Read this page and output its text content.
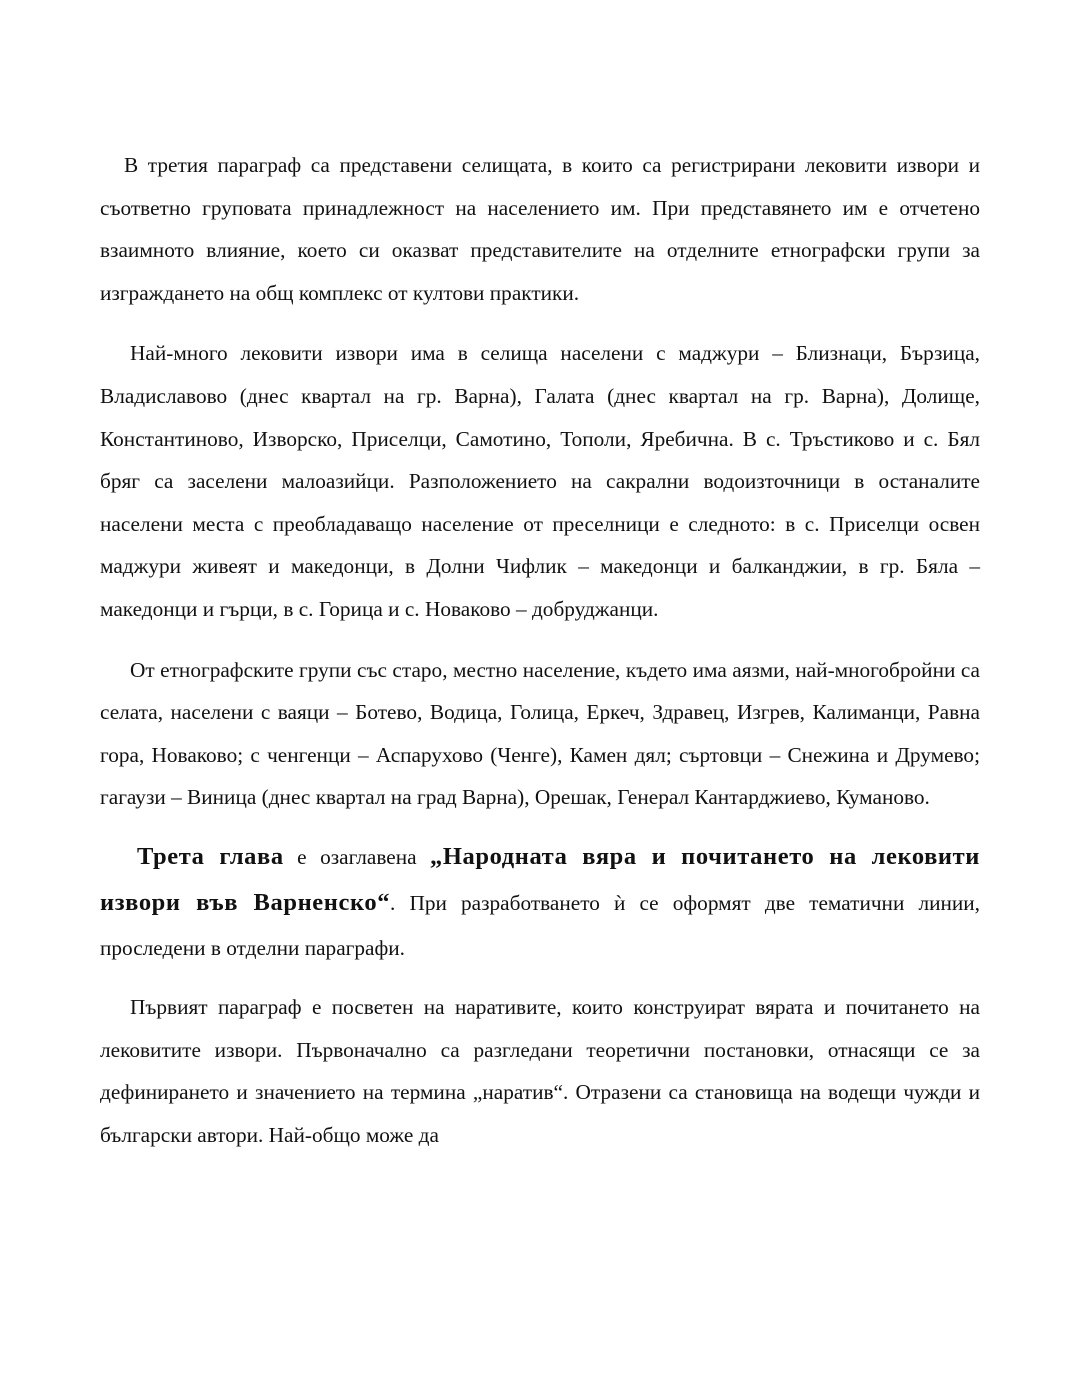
В третия параграф са представени селищата, в които са регистрирани лековити извори и съответно груповата принадлежност на населението им. При представянето им е отчетено взаимното влияние, което си оказват представителите на отделните етнографски групи за изграждането на общ комплекс от култови практики.

Най-много лековити извори има в селища населени с маджури – Близнаци, Бързица, Владиславово (днес квартал на гр. Варна), Галата (днес квартал на гр. Варна), Долище, Константиново, Изворско, Приселци, Самотино, Тополи, Яребична. В с. Тръстиково и с. Бял бряг са заселени малоазийци. Разположението на сакрални водоизточници в останалите населени места с преобладаващо население от преселници е следното: в с. Приселци освен маджури живеят и македонци, в Долни Чифлик – македонци и балканджии, в гр. Бяла – македонци и гърци, в с. Горица и с. Новаково – добруджанци.

От етнографските групи със старо, местно население, където има аязми, най-многобройни са селата, населени с ваяци – Ботево, Водица, Голица, Еркеч, Здравец, Изгрев, Калиманци, Равна гора, Новаково; с ченгенци – Аспарухово (Ченге), Камен дял; съртовци – Снежина и Друмево; гагаузи – Виница (днес квартал на град Варна), Орешак, Генерал Кантарджиево, Куманово.

Трета глава е озаглавена „Народната вяра и почитането на лековити извори във Варненско“. При разработването ѝ се оформят две тематични линии, проследени в отделни параграфи.

Първият параграф е посветен на наративите, които конструират вярата и почитането на лековитите извори. Първоначално са разгледани теоретични постановки, отнасящи се за дефинирането и значението на термина „наратив“. Отразени са становища на водещи чужди и български автори. Най-общо може да
